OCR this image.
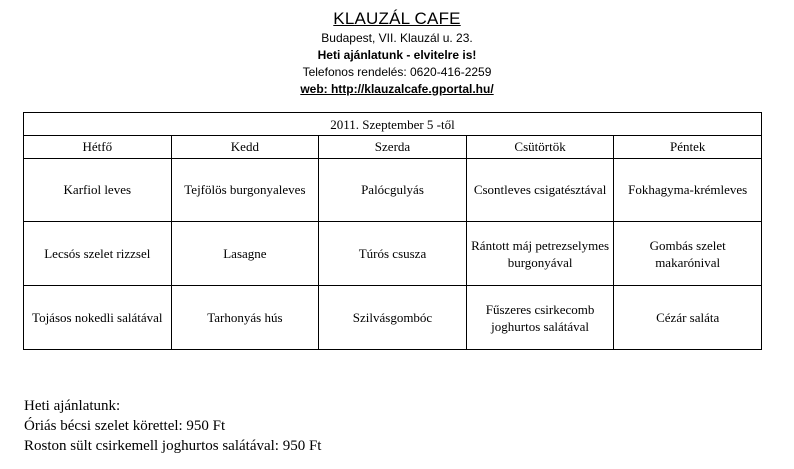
KLAUZÁL CAFE
Budapest, VII. Klauzál u. 23.
Heti ajánlatunk - elvitelre is!
Telefonos rendelés: 0620-416-2259
web: http://klauzalcafe.gportal.hu/
2011. Szeptember 5 -től				
Hétfő	Kedd	Szerda	Csütörtök	Péntek
Karfiol leves	Tejfölös burgonyaleves	Palócgulyás	Csontleves csigatésztával	Fokhagyma-krémleves
Lecsós szelet rizzsel	Lasagne	Túrós csusza	Rántott máj petrezselymes burgonyával	Gombás szelet makarónival
Tojásos nokedli salátával	Tarhonyás hús	Szilvásgombóc	Fűszeres csirkecomb joghurtos salátával	Cézár saláta
Heti ajánlatunk:
Óriás bécsi szelet körettel: 950 Ft
Roston sült csirkemell joghurtos salátával: 950 Ft
